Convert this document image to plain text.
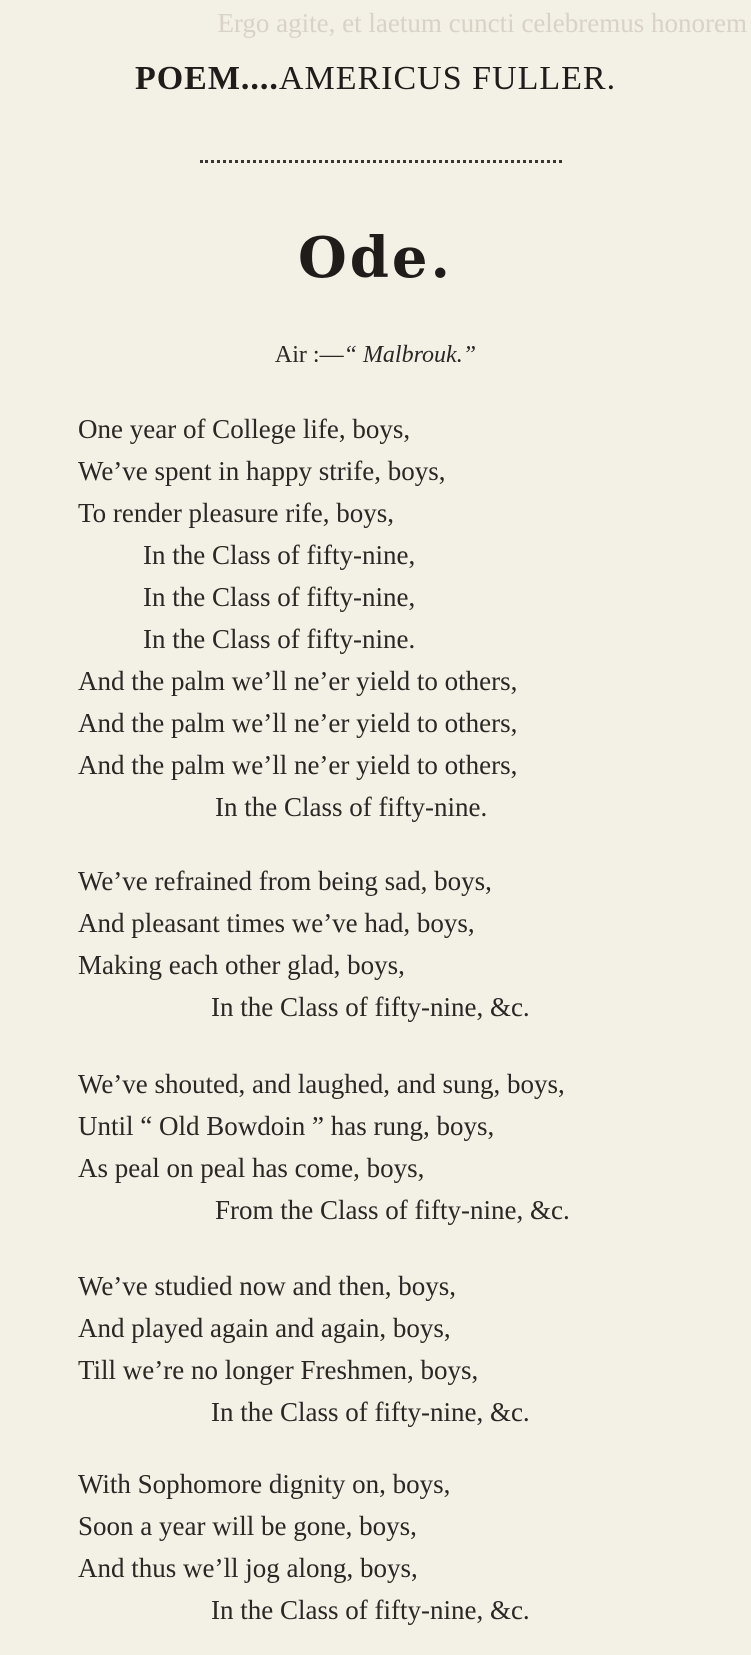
Ergo agite, et laetum cuncti celebremus honorem
POEM....AMERICUS FULLER.
Ode.
Air :—“ Malbrouk.”
One year of College life, boys,
We’ve spent in happy strife, boys,
To render pleasure rife, boys,
In the Class of fifty-nine,
In the Class of fifty-nine,
In the Class of fifty-nine.
And the palm we’ll ne’er yield to others,
And the palm we’ll ne’er yield to others,
And the palm we’ll ne’er yield to others,
In the Class of fifty-nine.
We’ve refrained from being sad, boys,
And pleasant times we’ve had, boys,
Making each other glad, boys,
In the Class of fifty-nine, &c.
We’ve shouted, and laughed, and sung, boys,
Until “ Old Bowdoin ” has rung, boys,
As peal on peal has come, boys,
From the Class of fifty-nine, &c.
We’ve studied now and then, boys,
And played again and again, boys,
Till we’re no longer Freshmen, boys,
In the Class of fifty-nine, &c.
With Sophomore dignity on, boys,
Soon a year will be gone, boys,
And thus we’ll jog along, boys,
In the Class of fifty-nine, &c.
